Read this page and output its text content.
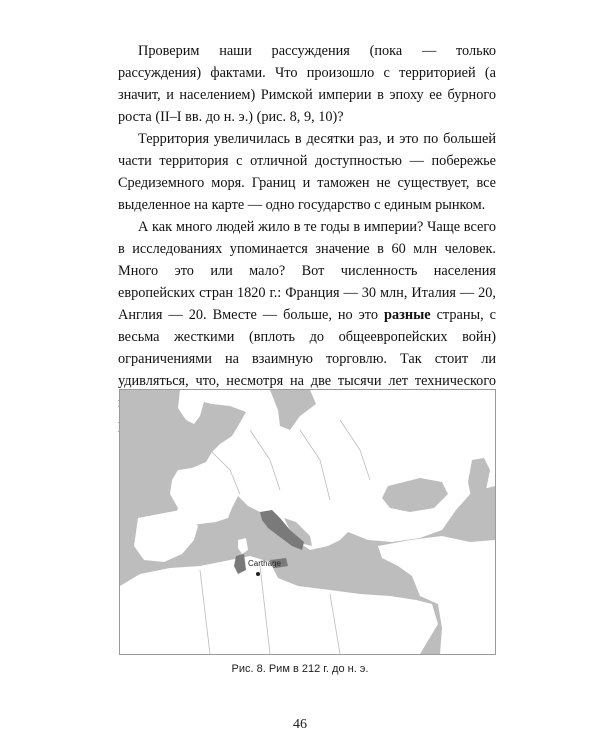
Проверим наши рассуждения (пока — только рассуждения) фактами. Что произошло с территорией (а значит, и населением) Римской империи в эпоху ее бурного роста (II–I вв. до н. э.) (рис. 8, 9, 10)?

Территория увеличилась в десятки раз, и это по большей части территория с отличной доступностью — побережье Средиземного моря. Границ и таможен не существует, все выделенное на карте — одно государство с единым рынком.

А как много людей жило в те годы в империи? Чаще всего в исследованиях упоминается значение в 60 млн человек. Много это или мало? Вот численность населения европейских стран 1820 г.: Франция — 30 млн, Италия — 20, Англия — 20. Вместе — больше, но это разные страны, с весьма жесткими (вплоть до общеевропейских войн) ограничениями на взаимную торговлю. Так стоит ли удивляться, что, несмотря на две тысячи лет технического

Carthage
Рис. 8. Рим в 212 г. до н. э.
46
